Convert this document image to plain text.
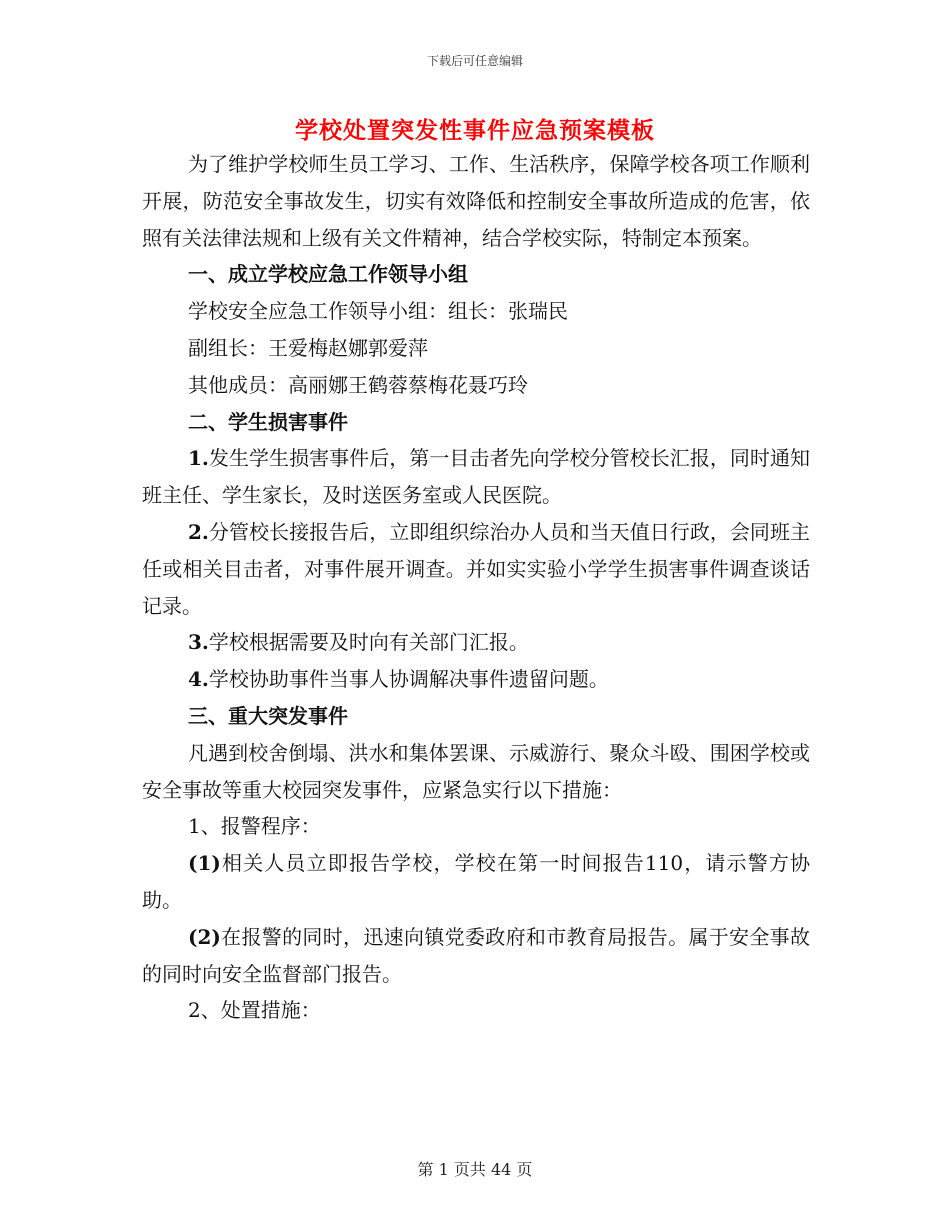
下载后可任意编辑
学校处置突发性事件应急预案模板

为了维护学校师生员工学习、工作、生活秩序，保障学校各项工作顺利开展，防范安全事故发生，切实有效降低和控制安全事故所造成的危害，依照有关法律法规和上级有关文件精神，结合学校实际，特制定本预案。

一、成立学校应急工作领导小组

学校安全应急工作领导小组：组长：张瑞民

副组长：王爱梅赵娜郭爱萍

其他成员：高丽娜王鹤蓉蔡梅花聂巧玲

二、学生损害事件

1.发生学生损害事件后，第一目击者先向学校分管校长汇报，同时通知班主任、学生家长，及时送医务室或人民医院。

2.分管校长接报告后，立即组织综治办人员和当天值日行政，会同班主任或相关目击者，对事件展开调查。并如实实验小学学生损害事件调查谈话记录。

3.学校根据需要及时向有关部门汇报。

4.学校协助事件当事人协调解决事件遗留问题。

三、重大突发事件

凡遇到校舍倒塌、洪水和集体罢课、示威游行、聚众斗殴、围困学校或安全事故等重大校园突发事件，应紧急实行以下措施：

1、报警程序：

(1)相关人员立即报告学校，学校在第一时间报告110，请示警方协助。

(2)在报警的同时，迅速向镇党委政府和市教育局报告。属于安全事故的同时向安全监督部门报告。

2、处置措施：

第 1 页共 44 页
